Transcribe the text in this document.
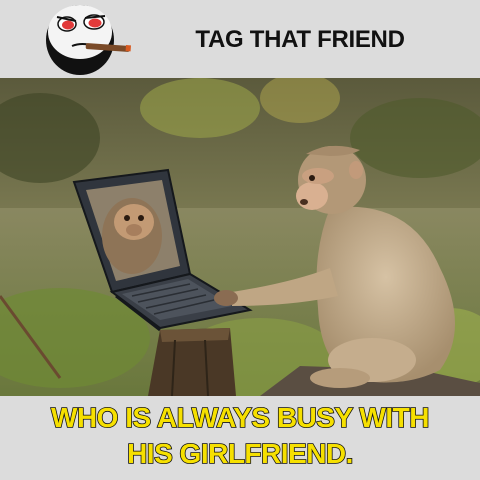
TAG THAT FRIEND
WHO IS ALWAYS BUSY WITH
HIS GIRLFRIEND.
